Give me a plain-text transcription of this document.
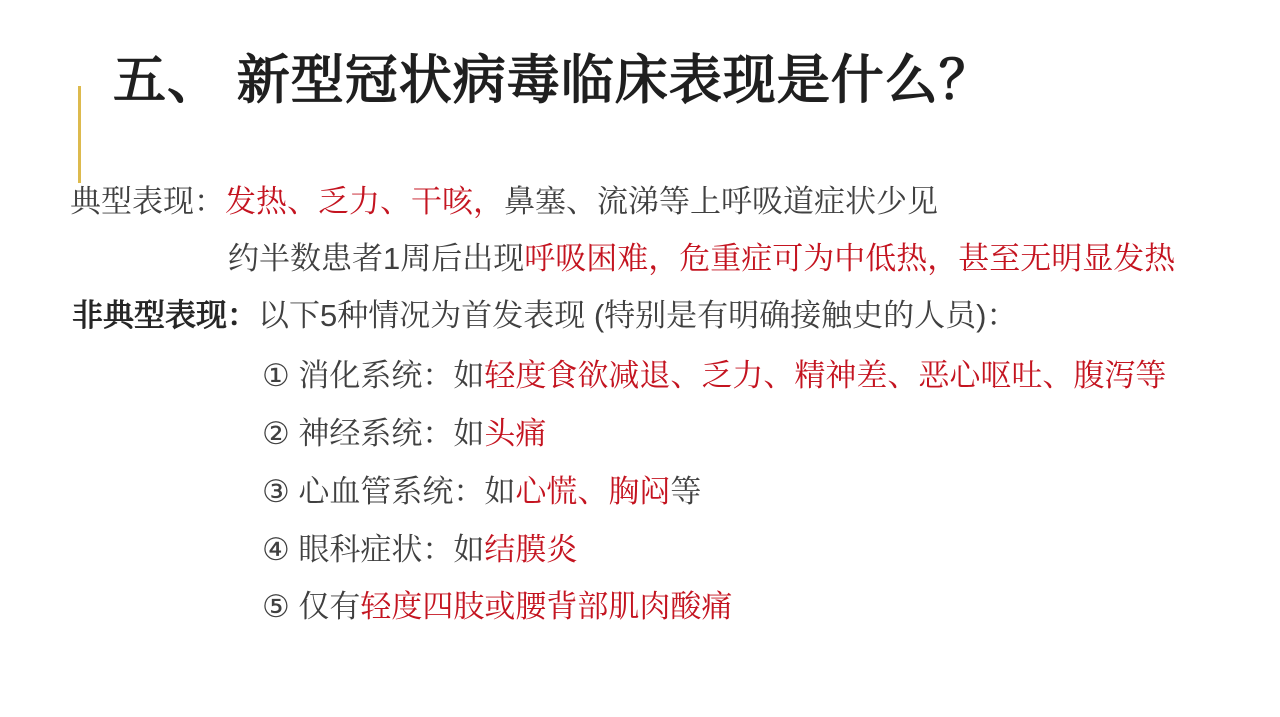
五、 新型冠状病毒临床表现是什么？
典型表现：发热、乏力、干咳，鼻塞、流涕等上呼吸道症状少见
约半数患者1周后出现呼吸困难，危重症可为中低热，甚至无明显发热
非典型表现：以下5种情况为首发表现 (特别是有明确接触史的人员)：
① 消化系统：如轻度食欲减退、乏力、精神差、恶心呕吐、腹泻等
② 神经系统：如头痛
③ 心血管系统：如心慌、胸闷等
④ 眼科症状：如结膜炎
⑤ 仅有轻度四肢或腰背部肌肉酸痛
